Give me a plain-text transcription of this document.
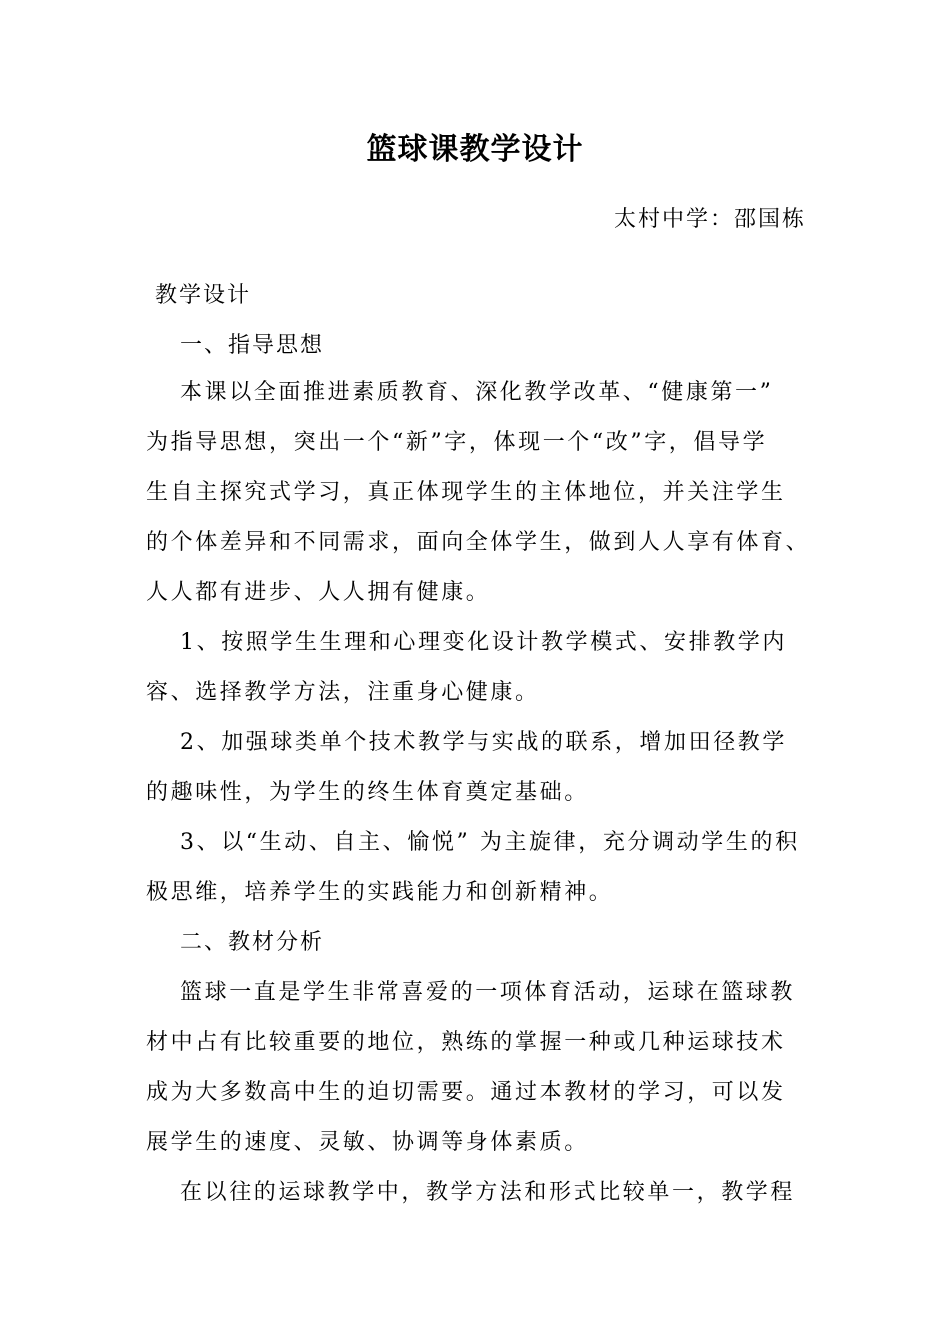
篮球课教学设计

太村中学：邵国栋

教学设计

一、指导思想

本课以全面推进素质教育、深化教学改革、“健康第一”

为指导思想，突出一个“新”字，体现一个“改”字，倡导学

生自主探究式学习，真正体现学生的主体地位，并关注学生

的个体差异和不同需求，面向全体学生，做到人人享有体育、

人人都有进步、人人拥有健康。

1、按照学生生理和心理变化设计教学模式、安排教学内

容、选择教学方法，注重身心健康。

2、加强球类单个技术教学与实战的联系，增加田径教学

的趣味性，为学生的终生体育奠定基础。

3、以“生动、自主、愉悦” 为主旋律，充分调动学生的积

极思维，培养学生的实践能力和创新精神。

二、教材分析

篮球一直是学生非常喜爱的一项体育活动，运球在篮球教

材中占有比较重要的地位，熟练的掌握一种或几种运球技术

成为大多数高中生的迫切需要。通过本教材的学习，可以发

展学生的速度、灵敏、协调等身体素质。

在以往的运球教学中，教学方法和形式比较单一，教学程
